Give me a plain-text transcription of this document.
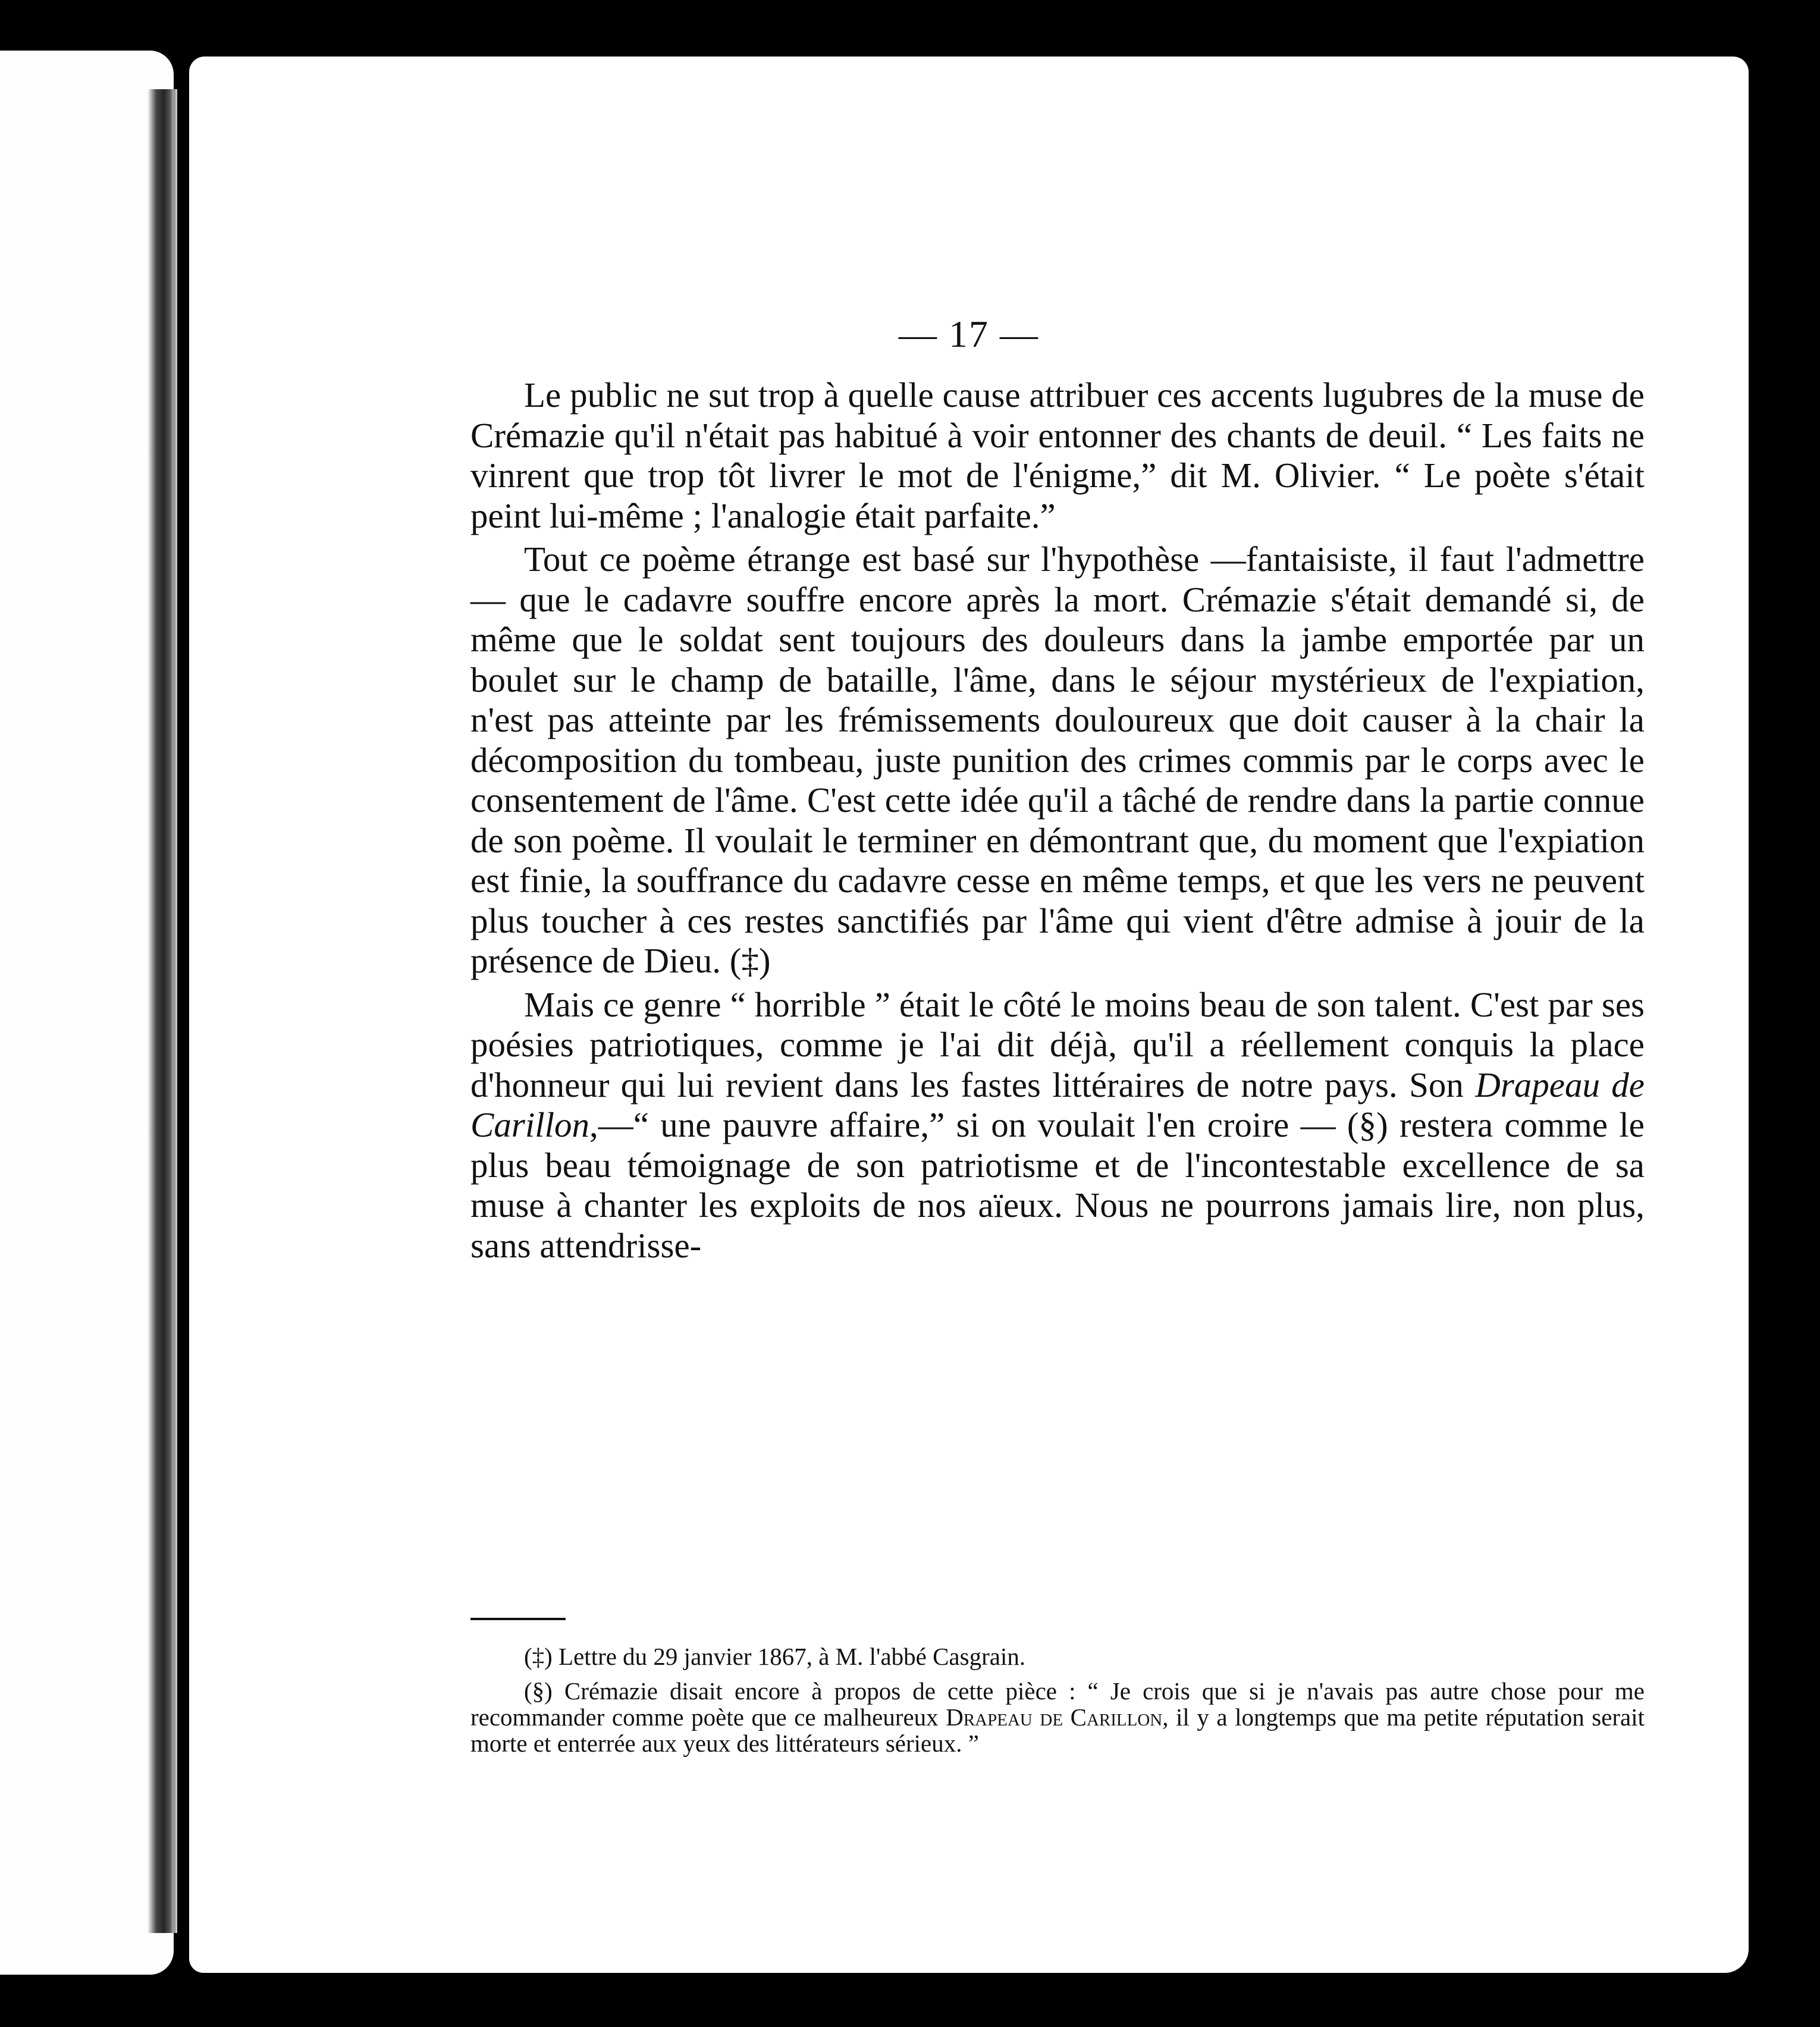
— 17 —

Le public ne sut trop à quelle cause attribuer ces accents lugubres de la muse de Crémazie qu'il n'était pas habitué à voir entonner des chants de deuil. “ Les faits ne vinrent que trop tôt livrer le mot de l'énigme,” dit M. Olivier. “ Le poète s'était peint lui-même ; l'analogie était parfaite.”

Tout ce poème étrange est basé sur l'hypothèse —fantaisiste, il faut l'admettre— que le cadavre souffre encore après la mort. Crémazie s'était demandé si, de même que le soldat sent toujours des douleurs dans la jambe emportée par un boulet sur le champ de bataille, l'âme, dans le séjour mystérieux de l'expiation, n'est pas atteinte par les frémissements douloureux que doit causer à la chair la décomposition du tombeau, juste punition des crimes commis par le corps avec le consentement de l'âme. C'est cette idée qu'il a tâché de rendre dans la partie connue de son poème. Il voulait le terminer en démontrant que, du moment que l'expiation est finie, la souffrance du cadavre cesse en même temps, et que les vers ne peuvent plus toucher à ces restes sanctifiés par l'âme qui vient d'être admise à jouir de la présence de Dieu. (‡)

Mais ce genre “ horrible ” était le côté le moins beau de son talent. C'est par ses poésies patriotiques, comme je l'ai dit déjà, qu'il a réellement conquis la place d'honneur qui lui revient dans les fastes littéraires de notre pays. Son Drapeau de Carillon,—“ une pauvre affaire,” si on voulait l'en croire — (§) restera comme le plus beau témoignage de son patriotisme et de l'incontestable excellence de sa muse à chanter les exploits de nos aïeux. Nous ne pourrons jamais lire, non plus, sans attendrisse-

(‡) Lettre du 29 janvier 1867, à M. l'abbé Casgrain.

(§) Crémazie disait encore à propos de cette pièce : “ Je crois que si je n'avais pas autre chose pour me recommander comme poète que ce malheureux Drapeau de Carillon, il y a longtemps que ma petite réputation serait morte et enterrée aux yeux des littérateurs sérieux. ”
